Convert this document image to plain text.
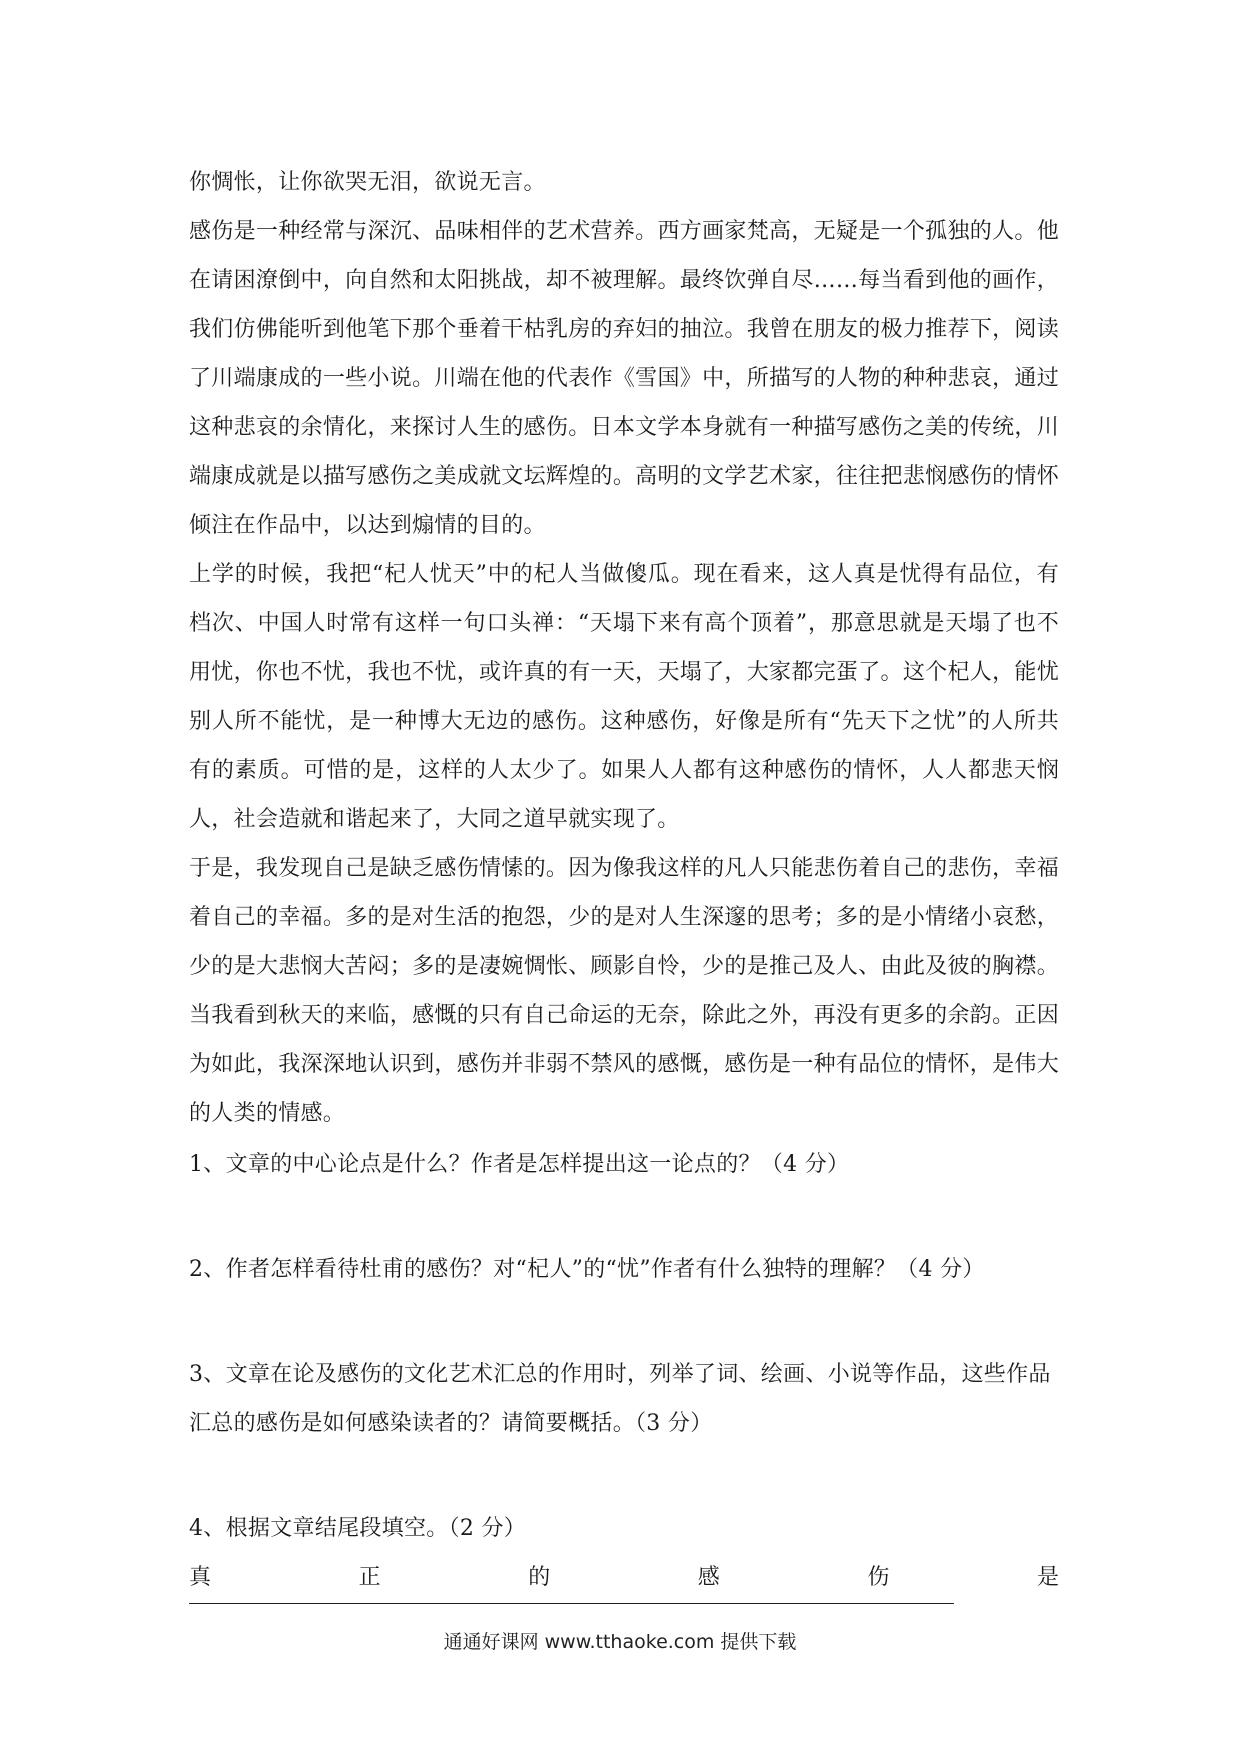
你惆怅，让你欲哭无泪，欲说无言。

感伤是一种经常与深沉、品味相伴的艺术营养。西方画家梵高，无疑是一个孤独的人。他在请困潦倒中，向自然和太阳挑战，却不被理解。最终饮弹自尽……每当看到他的画作，我们仿佛能听到他笔下那个垂着干枯乳房的弃妇的抽泣。我曾在朋友的极力推荐下，阅读了川端康成的一些小说。川端在他的代表作《雪国》中，所描写的人物的种种悲哀，通过这种悲哀的余情化，来探讨人生的感伤。日本文学本身就有一种描写感伤之美的传统，川端康成就是以描写感伤之美成就文坛辉煌的。高明的文学艺术家，往往把悲悯感伤的情怀倾注在作品中，以达到煽情的目的。

上学的时候，我把“杞人忧天”中的杞人当做傻瓜。现在看来，这人真是忧得有品位，有档次、中国人时常有这样一句口头禅：“天塌下来有高个顶着”，那意思就是天塌了也不用忧，你也不忧，我也不忧，或许真的有一天，天塌了，大家都完蛋了。这个杞人，能忧别人所不能忧，是一种博大无边的感伤。这种感伤，好像是所有“先天下之忧”的人所共有的素质。可惜的是，这样的人太少了。如果人人都有这种感伤的情怀，人人都悲天悯人，社会造就和谐起来了，大同之道早就实现了。

于是，我发现自己是缺乏感伤情愫的。因为像我这样的凡人只能悲伤着自己的悲伤，幸福着自己的幸福。多的是对生活的抱怨，少的是对人生深邃的思考；多的是小情绪小哀愁，少的是大悲悯大苦闷；多的是凄婉惆怅、顾影自怜，少的是推己及人、由此及彼的胸襟。当我看到秋天的来临，感慨的只有自己命运的无奈，除此之外，再没有更多的余韵。正因为如此，我深深地认识到，感伤并非弱不禁风的感慨，感伤是一种有品位的情怀，是伟大的人类的情感。

1、文章的中心论点是什么？作者是怎样提出这一论点的？（4 分）

2、作者怎样看待杜甫的感伤？对“杞人”的“忧”作者有什么独特的理解？（4 分）

3、文章在论及感伤的文化艺术汇总的作用时，列举了词、绘画、小说等作品，这些作品汇总的感伤是如何感染读者的？请简要概括。（3 分）

4、根据文章结尾段填空。（2 分）

真	正	的	感	伤	是
通通好课网 www.tthaoke.com 提供下载
